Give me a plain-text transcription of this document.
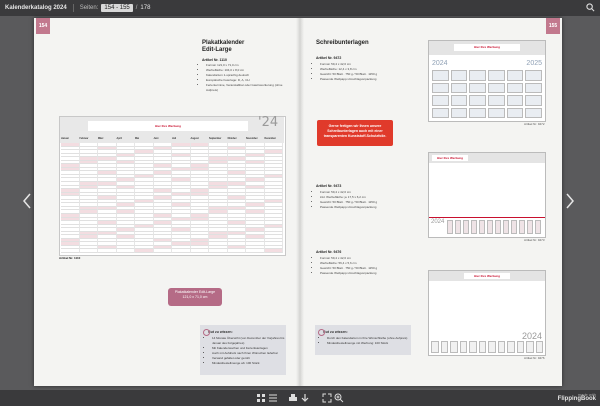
Kalenderkatalog 2024 Seiten:	154 - 155	/ 178
154
Plakatkalender
Edit-Large
Artikel Nr. 1110
• Format: 121,0 x 71,0 cm
• Werbefläche: 104,0 x 8,0 cm
• Kalendarium 1-sprachig deutsch
• Europäische Feiertage: D, A, CH
• Ferientermine, Veranstaltbar oder Gastrosortierung (ohne Aufpreis)
Hier Ihre Werbung	'24
Januar	Februar	März	April	Mai	Juni	Juli	August	September	Oktober	November	Dezember
Artikel Nr. 1110
Plakatkalender Edit-Large
121,0 x 71,0 cm
Gut zu wissen:
• 14 Monate Übersicht (von Dezember der Vorjahres bis Januar des Folgejahres)
• Mit Kalenderwochen und Ferienfeiertagen
• Auch mit Aufdruck nach Ihren Wünschen lieferbar
• Versand gefaltet oder gerollt
• Mindestbestellmenge ab: 100 Stück
155
Schreibunterlagen
Artikel Nr. 9472
• Format: 59,4 x 42,0 cm
• Werbefläche: 12,4 x 3,8 cm
• Gewicht: 50 Blatt · 750 g / 50 Blatt · 1150 g
• Passende Wellpapp-Umschlagverpackung
Gerne fertigen wir Ihnen unsere Schreibunterlagen auch mit einer transparenten Kunststoff-Schutzfolie.
Artikel Nr. 9473
• Format: 59,4 x 42,0 cm
• inkl. Werbefläche: je 17,5 x 6,2 cm
• Gewicht: 50 Blatt · 750 g / 50 Blatt · 1150 g
• Passende Wellpapp-Umschlagverpackung
Artikel Nr. 9476
• Format: 59,4 x 42,0 cm
• Werbefläche: 56,4 x 5,6 cm
• Gewicht: 50 Blatt · 750 g / 50 Blatt · 1150 g
• Passende Wellpapp-Umschlagverpackung
Gut zu wissen:
• Durch den Kalendarium in Ihre Wünschfarbe (ohne Aufpreis)
• Mindestbestellmenge mit Werbung: 100 Stück
Hier Ihre Werbung
2024	2025
Artikel Nr. 9472
Hier Ihre Werbung
2024
Artikel Nr. 9473
Hier Ihre Werbung
2024
Artikel Nr. 9476
made with
FlippingBook
